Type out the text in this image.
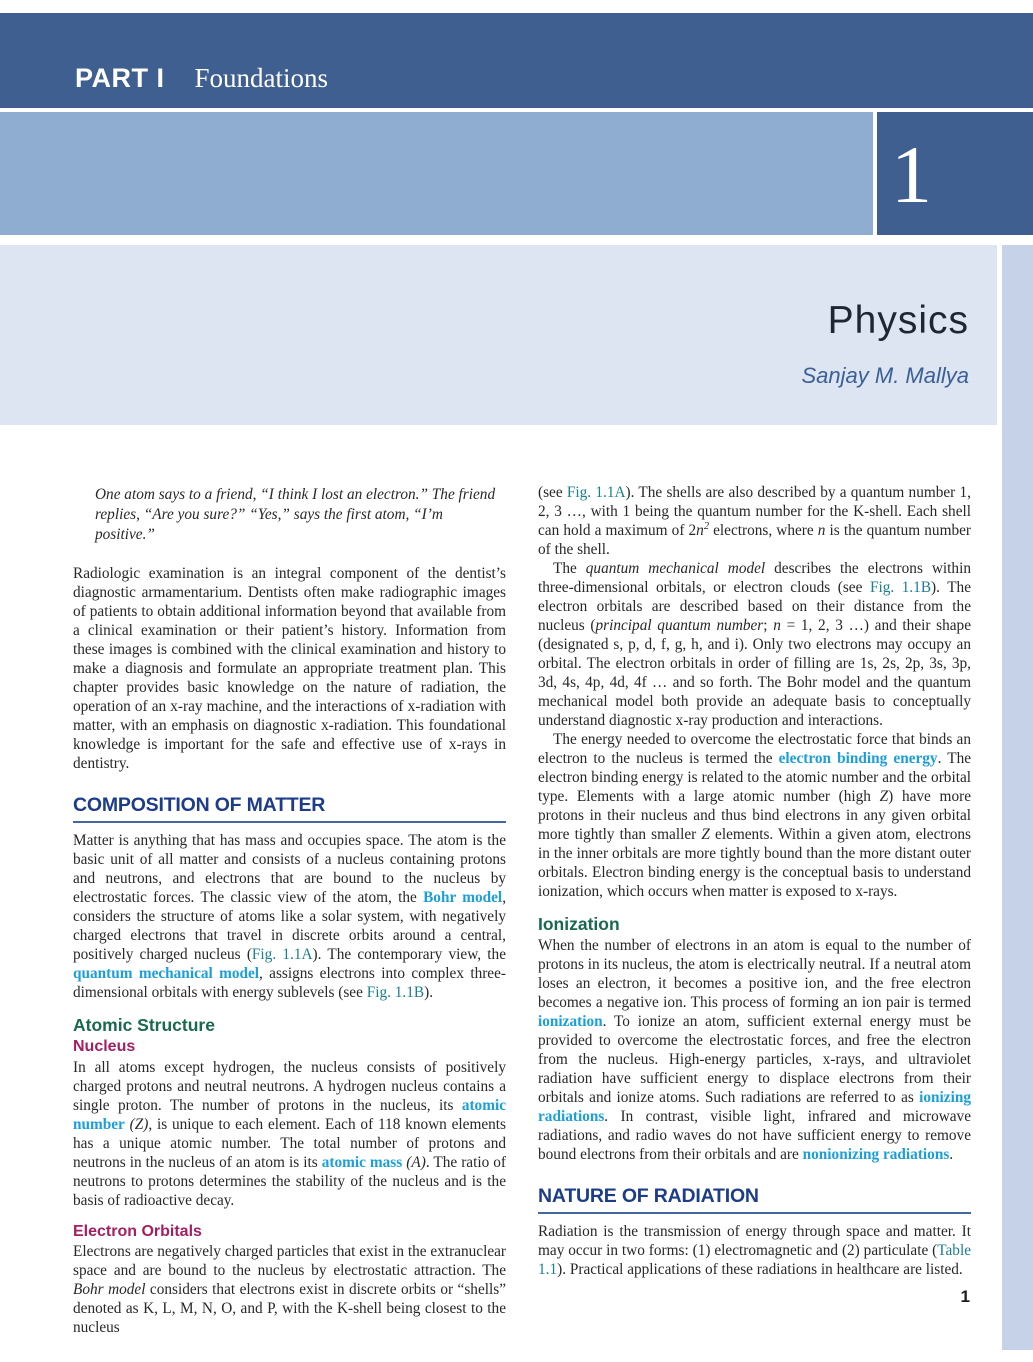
PART I Foundations
1
Physics
Sanjay M. Mallya
One atom says to a friend, “I think I lost an electron.” The friend replies, “Are you sure?” “Yes,” says the first atom, “I’m positive.”
Radiologic examination is an integral component of the dentist’s diagnostic armamentarium. Dentists often make radiographic images of patients to obtain additional information beyond that available from a clinical examination or their patient’s history. Information from these images is combined with the clinical examination and history to make a diagnosis and formulate an appropriate treatment plan. This chapter provides basic knowledge on the nature of radiation, the operation of an x-ray machine, and the interactions of x-radiation with matter, with an emphasis on diagnostic x-radiation. This foundational knowledge is important for the safe and effective use of x-rays in dentistry.
COMPOSITION OF MATTER
Matter is anything that has mass and occupies space. The atom is the basic unit of all matter and consists of a nucleus containing protons and neutrons, and electrons that are bound to the nucleus by electrostatic forces. The classic view of the atom, the Bohr model, considers the structure of atoms like a solar system, with negatively charged electrons that travel in discrete orbits around a central, positively charged nucleus (Fig. 1.1A). The contemporary view, the quantum mechanical model, assigns electrons into complex three-dimensional orbitals with energy sublevels (see Fig. 1.1B).
Atomic Structure
Nucleus
In all atoms except hydrogen, the nucleus consists of positively charged protons and neutral neutrons. A hydrogen nucleus contains a single proton. The number of protons in the nucleus, its atomic number (Z), is unique to each element. Each of 118 known elements has a unique atomic number. The total number of protons and neutrons in the nucleus of an atom is its atomic mass (A). The ratio of neutrons to protons determines the stability of the nucleus and is the basis of radioactive decay.
Electron Orbitals
Electrons are negatively charged particles that exist in the extranuclear space and are bound to the nucleus by electrostatic attraction. The Bohr model considers that electrons exist in discrete orbits or “shells” denoted as K, L, M, N, O, and P, with the K-shell being closest to the nucleus
(see Fig. 1.1A). The shells are also described by a quantum number 1, 2, 3 …, with 1 being the quantum number for the K-shell. Each shell can hold a maximum of $2n^2$ electrons, where n is the quantum number of the shell.
The quantum mechanical model describes the electrons within three-dimensional orbitals, or electron clouds (see Fig. 1.1B). The electron orbitals are described based on their distance from the nucleus (principal quantum number; n = 1, 2, 3 …) and their shape (designated s, p, d, f, g, h, and i). Only two electrons may occupy an orbital. The electron orbitals in order of filling are 1s, 2s, 2p, 3s, 3p, 3d, 4s, 4p, 4d, 4f … and so forth. The Bohr model and the quantum mechanical model both provide an adequate basis to conceptually understand diagnostic x-ray production and interactions.
The energy needed to overcome the electrostatic force that binds an electron to the nucleus is termed the electron binding energy. The electron binding energy is related to the atomic number and the orbital type. Elements with a large atomic number (high Z) have more protons in their nucleus and thus bind electrons in any given orbital more tightly than smaller Z elements. Within a given atom, electrons in the inner orbitals are more tightly bound than the more distant outer orbitals. Electron binding energy is the conceptual basis to understand ionization, which occurs when matter is exposed to x-rays.
Ionization
When the number of electrons in an atom is equal to the number of protons in its nucleus, the atom is electrically neutral. If a neutral atom loses an electron, it becomes a positive ion, and the free electron becomes a negative ion. This process of forming an ion pair is termed ionization. To ionize an atom, sufficient external energy must be provided to overcome the electrostatic forces, and free the electron from the nucleus. High-energy particles, x-rays, and ultraviolet radiation have sufficient energy to displace electrons from their orbitals and ionize atoms. Such radiations are referred to as ionizing radiations. In contrast, visible light, infrared and microwave radiations, and radio waves do not have sufficient energy to remove bound electrons from their orbitals and are nonionizing radiations.
NATURE OF RADIATION
Radiation is the transmission of energy through space and matter. It may occur in two forms: (1) electromagnetic and (2) particulate (Table 1.1). Practical applications of these radiations in healthcare are listed.
1
